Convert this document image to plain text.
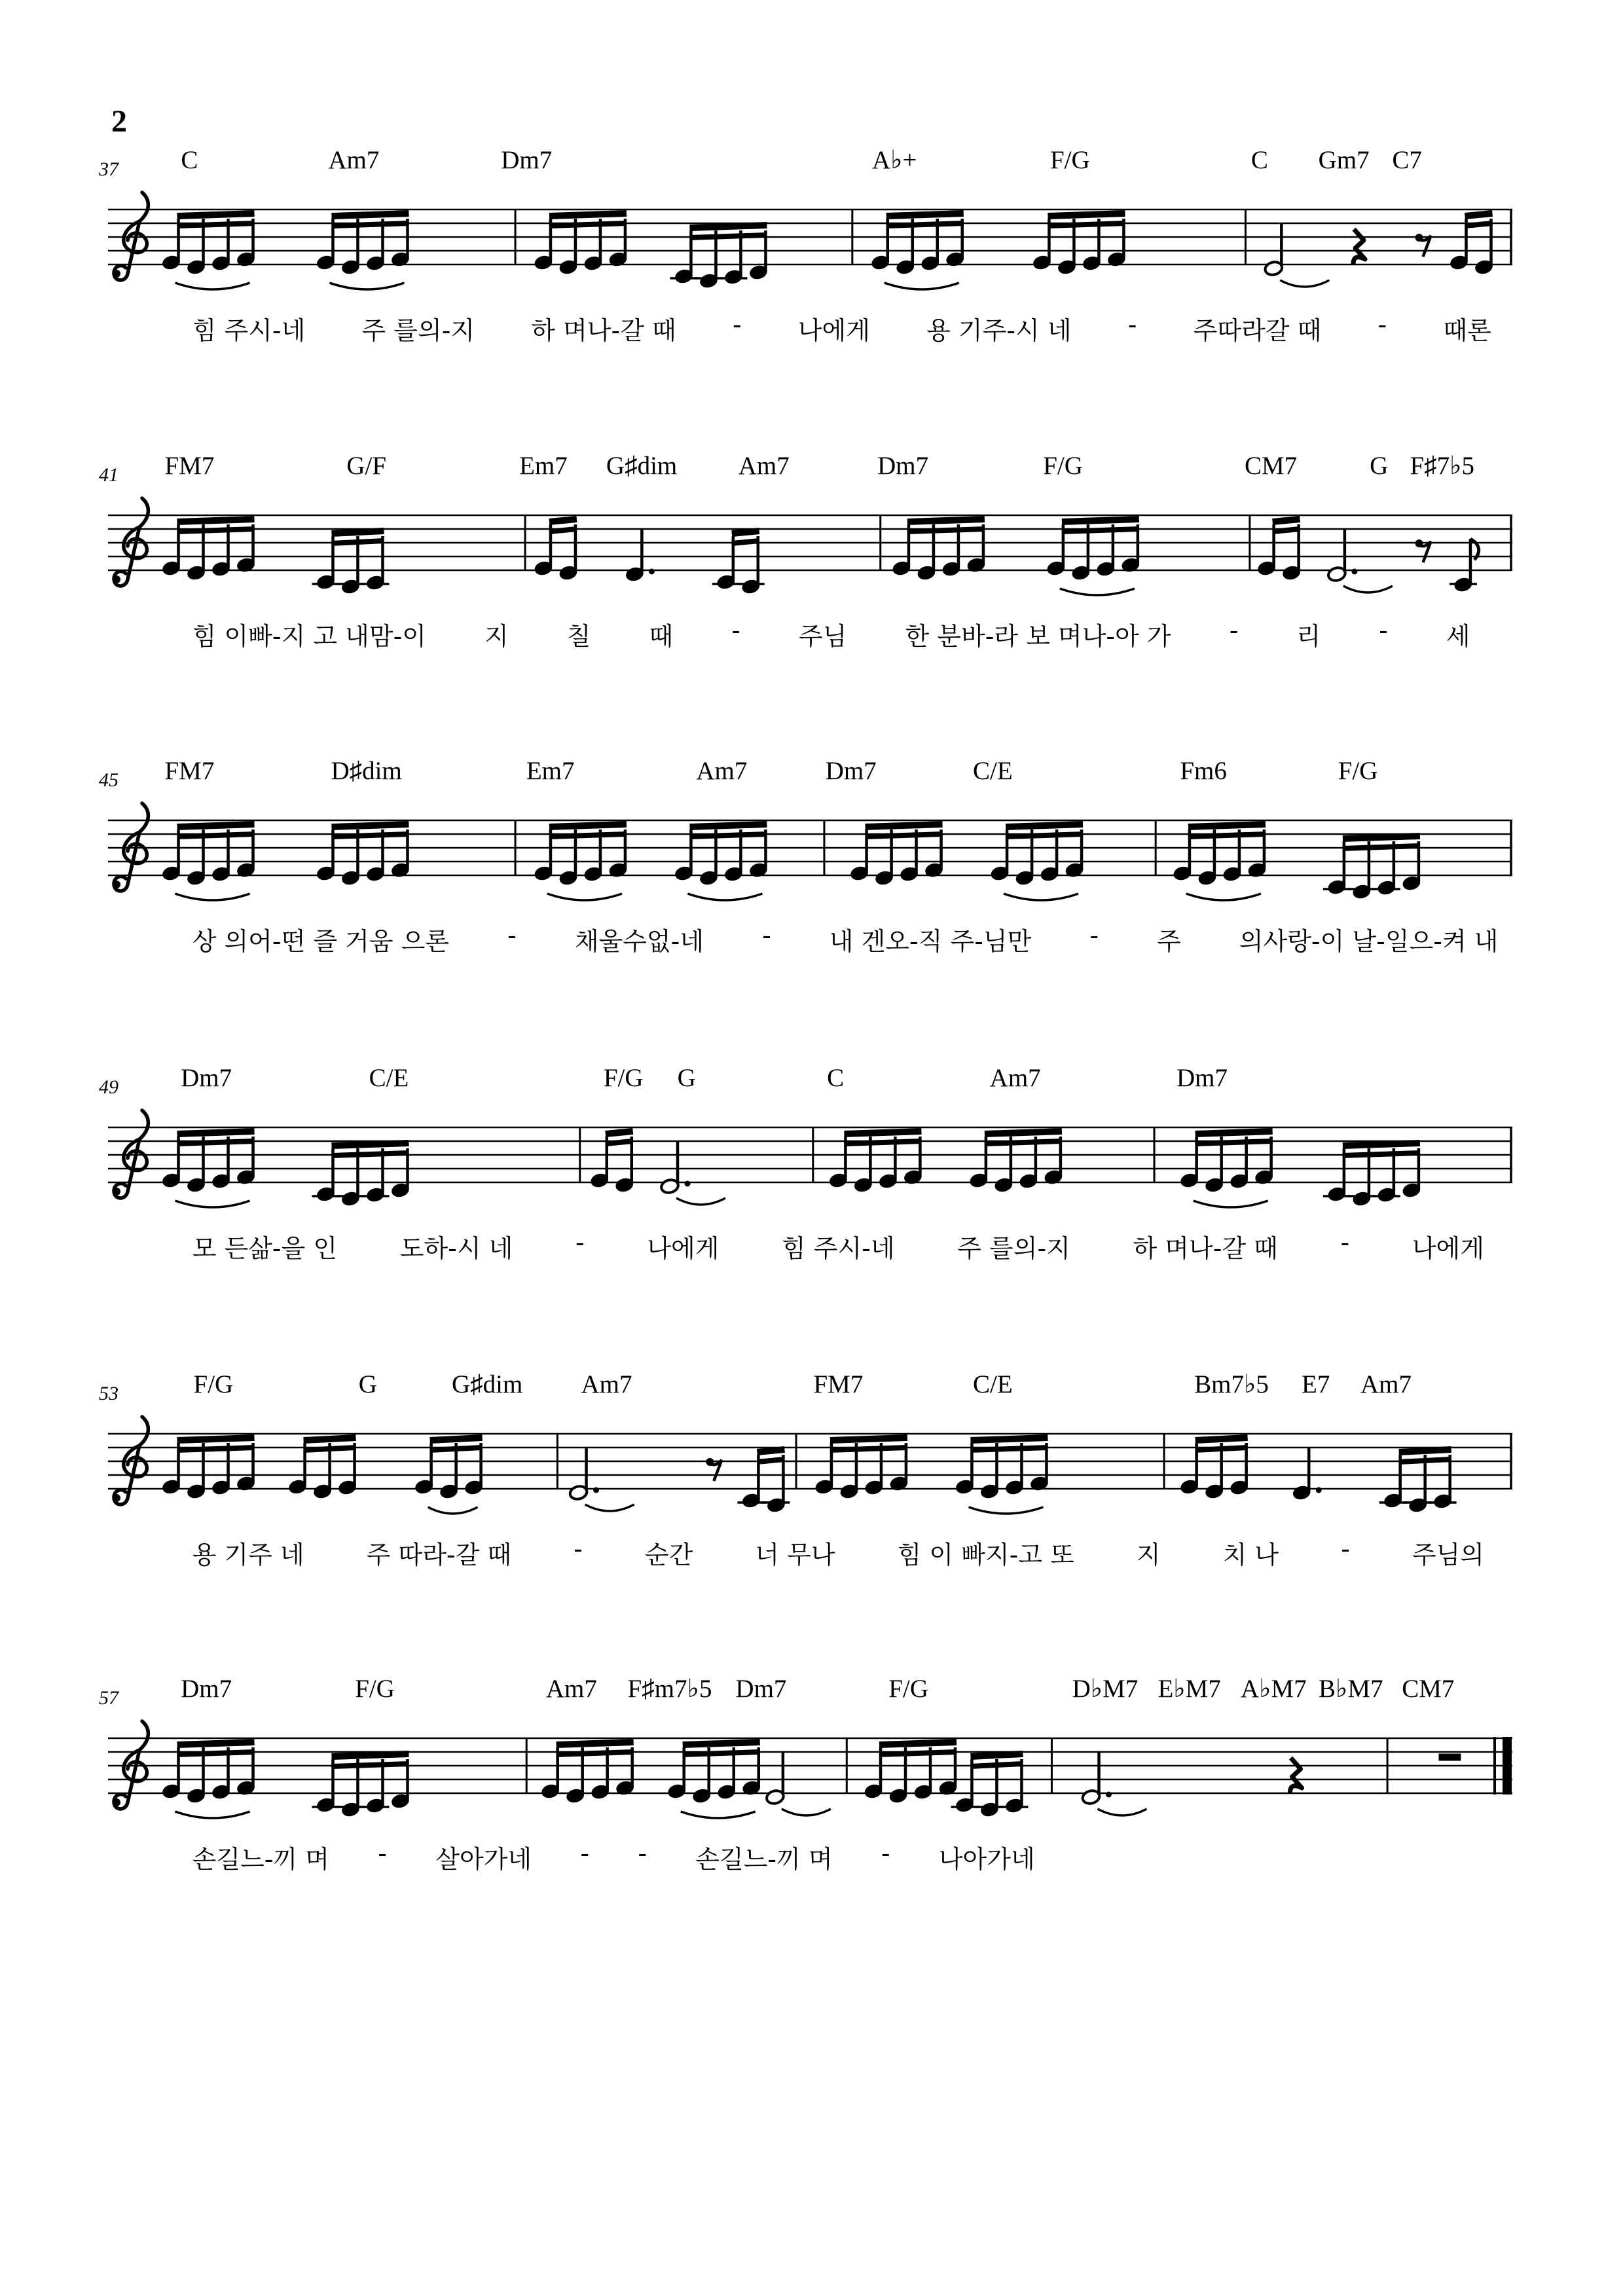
2
37 C	Am7	Dm7	A♭+	F/G	C Gm7 C7
힘 주시-네 주 를의-지 하 며나-갈 때 - 나에게 용 기주-시 네 - 주따라갈 때 - 때론
41 FM7	G/F	Em7 G♯dim Am7	Dm7	F/G	CM7	G F♯7♭5
힘 이빠-지 고 내맘-이 지 칠 때 - 주님 한 분바-라 보 며나-아 가 - 리 - 세
45 FM7	D♯dim	Em7	Am7	Dm7	C/E	Fm6	F/G
상 의어-떤 즐 거움 으론 - 채울수없-네 - 내 겐오-직 주-님만 - 주 의사랑-이 날-일으-켜 내
49 Dm7	C/E	F/G G	C	Am7	Dm7
모 든삶-을 인	도하-시 네	-	나에게	힘 주시-네	주 를의-지	하 며나-갈 때	-	나에게
53	F/G	G	G♯dim Am7	FM7	C/E	Bm7♭5 E7 Am7
용 기주 네	주 따라-갈 때	-	순간	너 무나	힘 이 빠지-고 또	지	치 나	-	주님의
57 Dm7	F/G	Am7 F♯m7♭5 Dm7	F/G	D♭M7 E♭M7 A♭M7 B♭M7 CM7
손길느-끼 며 - 살아가네 - - 손길느-끼 며 - 나아가네
